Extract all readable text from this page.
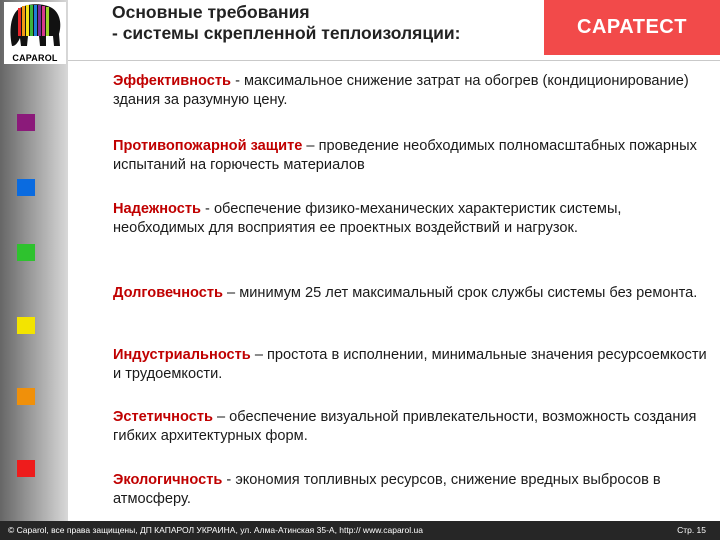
CAPAROL
Основные требования
- системы скрепленной теплоизоляции:	CAPATECT
Эффективность - максимальное снижение затрат на обогрев (кондиционирование) здания за разумную цену.
Противопожарной защите – проведение необходимых полномасштабных пожарных испытаний на горючесть материалов
Надежность - обеспечение физико-механических характеристик системы, необходимых для восприятия ее проектных воздействий и нагрузок.
Долговечность – минимум 25 лет максимальный срок службы системы без ремонта.
Индустриальность – простота в исполнении, минимальные значения ресурсоемкости и трудоемкости.
Эстетичность – обеспечение визуальной привлекательности, возможность создания гибких архитектурных форм.
Экологичность - экономия топливных ресурсов, снижение вредных выбросов в атмосферу.
© Caparol, все права защищены, ДП КАПАРОЛ УКРАИНА, ул. Алма-Атинская 35-А, http:// www.caparol.ua	Стр. 15
